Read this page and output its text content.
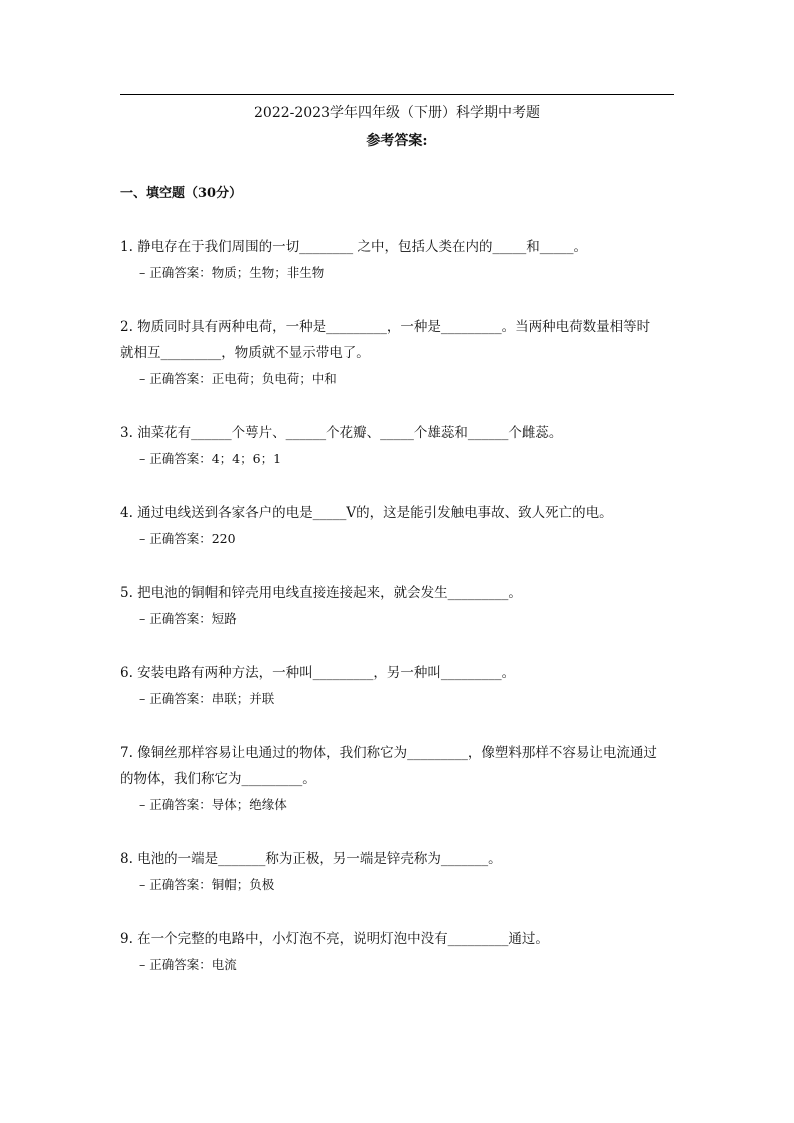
2022-2023学年四年级（下册）科学期中考题
参考答案:
一、填空题（30分）
1. 静电存在于我们周围的一切________ 之中，包括人类在内的_____和_____。
– 正确答案：物质；生物；非生物
2. 物质同时具有两种电荷，一种是_________，一种是_________。当两种电荷数量相等时
就相互_________，物质就不显示带电了。
– 正确答案：正电荷；负电荷；中和
3. 油菜花有______个萼片、______个花瓣、_____个雄蕊和______个雌蕊。
– 正确答案：4；4；6；1
4. 通过电线送到各家各户的电是_____V的，这是能引发触电事故、致人死亡的电。
– 正确答案：220
5. 把电池的铜帽和锌壳用电线直接连接起来，就会发生_________。
– 正确答案：短路
6. 安装电路有两种方法，一种叫_________，另一种叫_________。
– 正确答案：串联；并联
7. 像铜丝那样容易让电通过的物体，我们称它为_________，像塑料那样不容易让电流通过
的物体，我们称它为_________。
– 正确答案：导体；绝缘体
8. 电池的一端是_______称为正极，另一端是锌壳称为_______。
– 正确答案：铜帽；负极
9. 在一个完整的电路中，小灯泡不亮，说明灯泡中没有_________通过。
– 正确答案：电流
